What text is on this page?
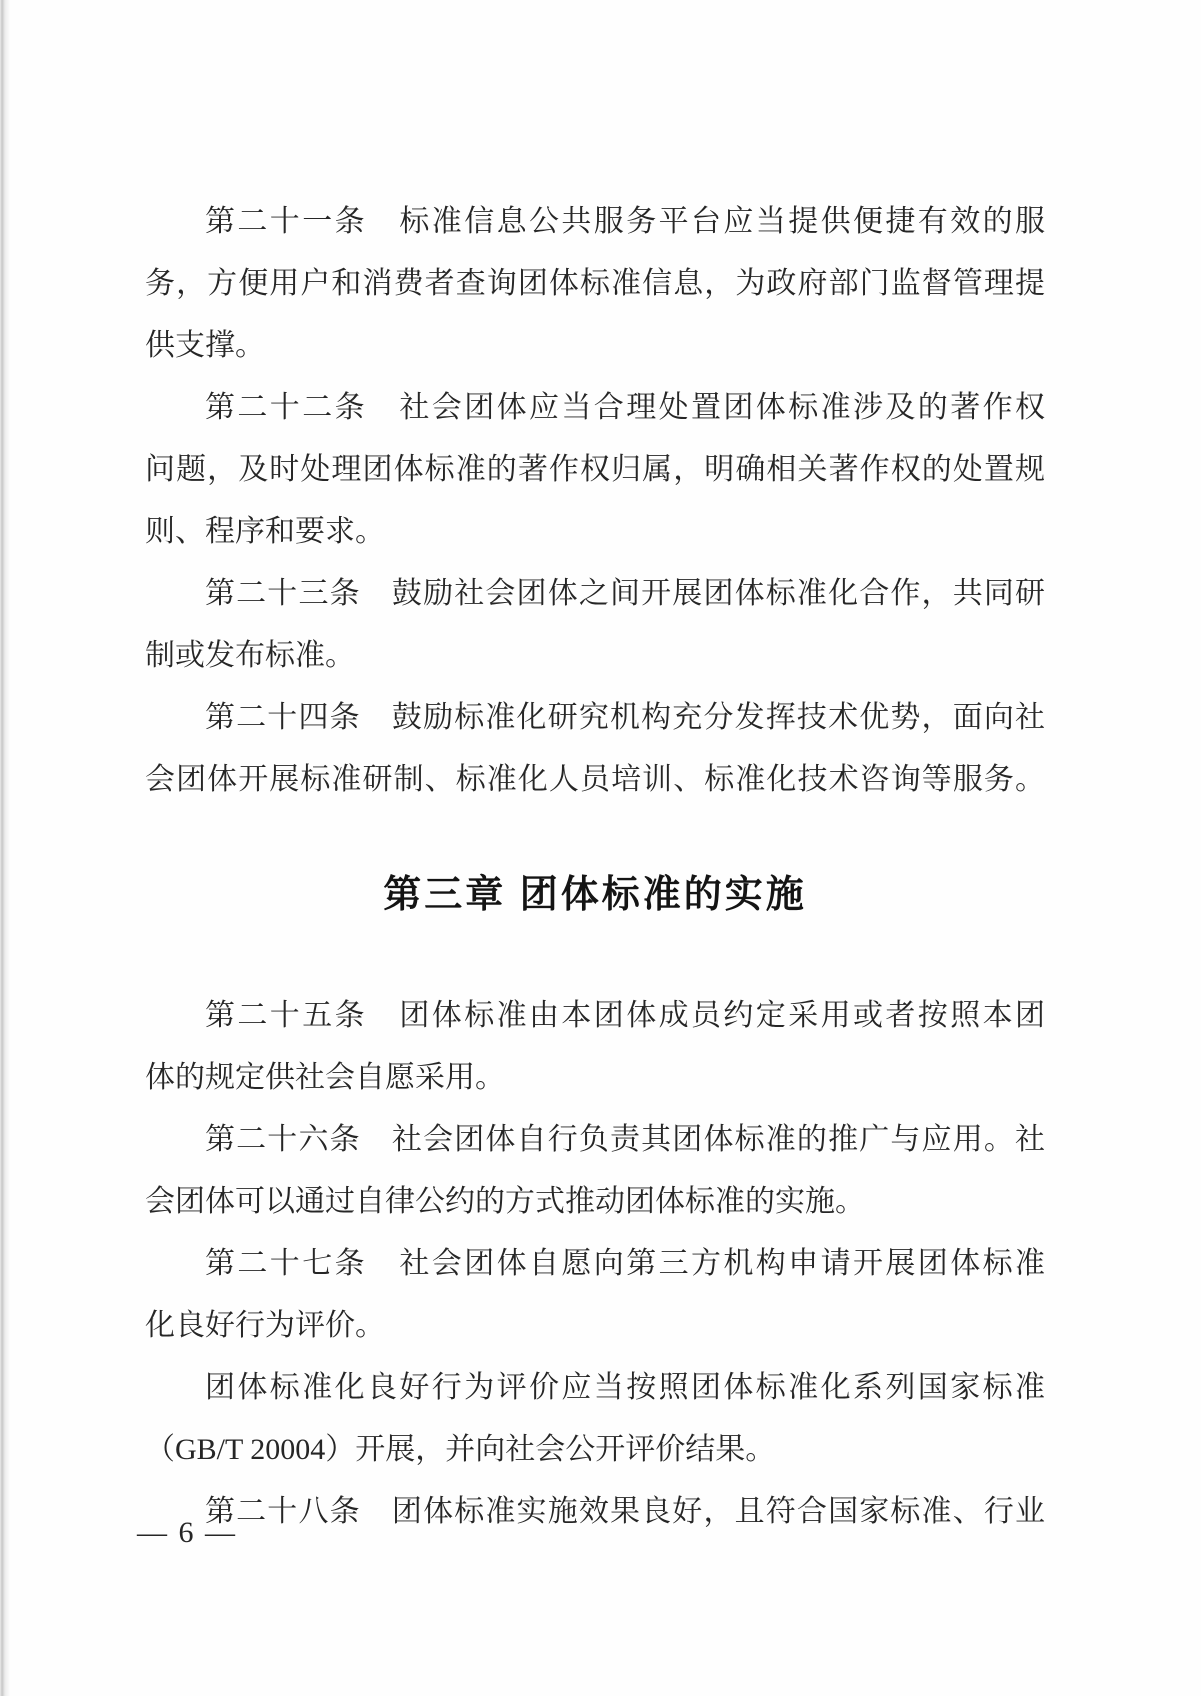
第二十一条　标准信息公共服务平台应当提供便捷有效的服
务，方便用户和消费者查询团体标准信息，为政府部门监督管理提
供支撑。
第二十二条　社会团体应当合理处置团体标准涉及的著作权
问题，及时处理团体标准的著作权归属，明确相关著作权的处置规
则、程序和要求。
第二十三条　鼓励社会团体之间开展团体标准化合作，共同研
制或发布标准。
第二十四条　鼓励标准化研究机构充分发挥技术优势，面向社
会团体开展标准研制、标准化人员培训、标准化技术咨询等服务。
第三章 团体标准的实施
第二十五条　团体标准由本团体成员约定采用或者按照本团
体的规定供社会自愿采用。
第二十六条　社会团体自行负责其团体标准的推广与应用。社
会团体可以通过自律公约的方式推动团体标准的实施。
第二十七条　社会团体自愿向第三方机构申请开展团体标准
化良好行为评价。
团体标准化良好行为评价应当按照团体标准化系列国家标准
（GB/T 20004）开展，并向社会公开评价结果。
第二十八条　团体标准实施效果良好，且符合国家标准、行业
— 6 —
